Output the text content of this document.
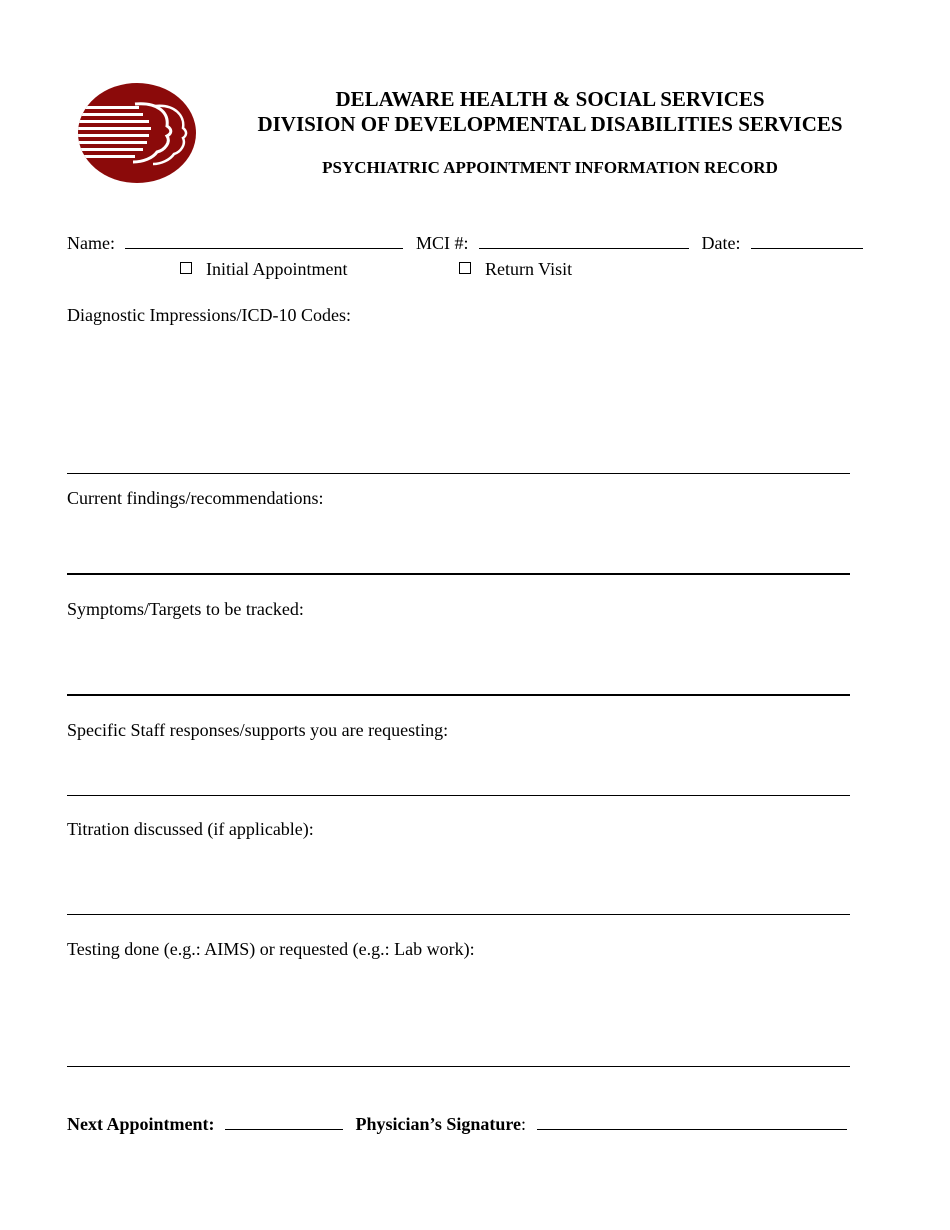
DELAWARE HEALTH & SOCIAL SERVICES
DIVISION OF DEVELOPMENTAL DISABILITIES SERVICES
PSYCHIATRIC APPOINTMENT INFORMATION RECORD
Name:	MCI #:	Date:
Initial Appointment	Return Visit
Diagnostic Impressions/ICD-10 Codes:
Current findings/recommendations:
Symptoms/Targets to be tracked:
Specific Staff responses/supports you are requesting:
Titration discussed (if applicable):
Testing done (e.g.: AIMS) or requested (e.g.: Lab work):
Next Appointment:	Physician’s Signature:
